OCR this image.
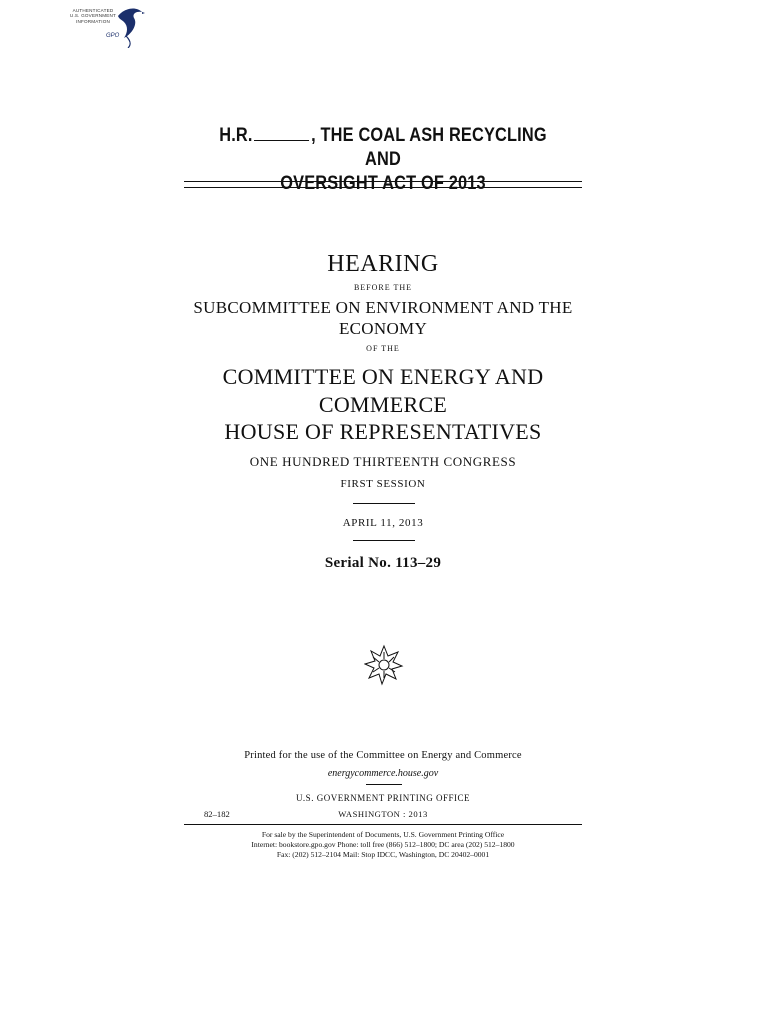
AUTHENTICATED
U.S. GOVERNMENT
INFORMATION
GPO
H.R.	, THE COAL ASH RECYCLING AND
OVERSIGHT ACT OF 2013
HEARING
BEFORE THE
SUBCOMMITTEE ON ENVIRONMENT AND THE
ECONOMY
OF THE
COMMITTEE ON ENERGY AND
COMMERCE
HOUSE OF REPRESENTATIVES
ONE HUNDRED THIRTEENTH CONGRESS
FIRST SESSION
APRIL 11, 2013
Serial No. 113–29
Printed for the use of the Committee on Energy and Commerce
energycommerce.house.gov
U.S. GOVERNMENT PRINTING OFFICE
82–182	WASHINGTON : 2013
For sale by the Superintendent of Documents, U.S. Government Printing Office
Internet: bookstore.gpo.gov Phone: toll free (866) 512–1800; DC area (202) 512–1800
Fax: (202) 512–2104 Mail: Stop IDCC, Washington, DC 20402–0001
